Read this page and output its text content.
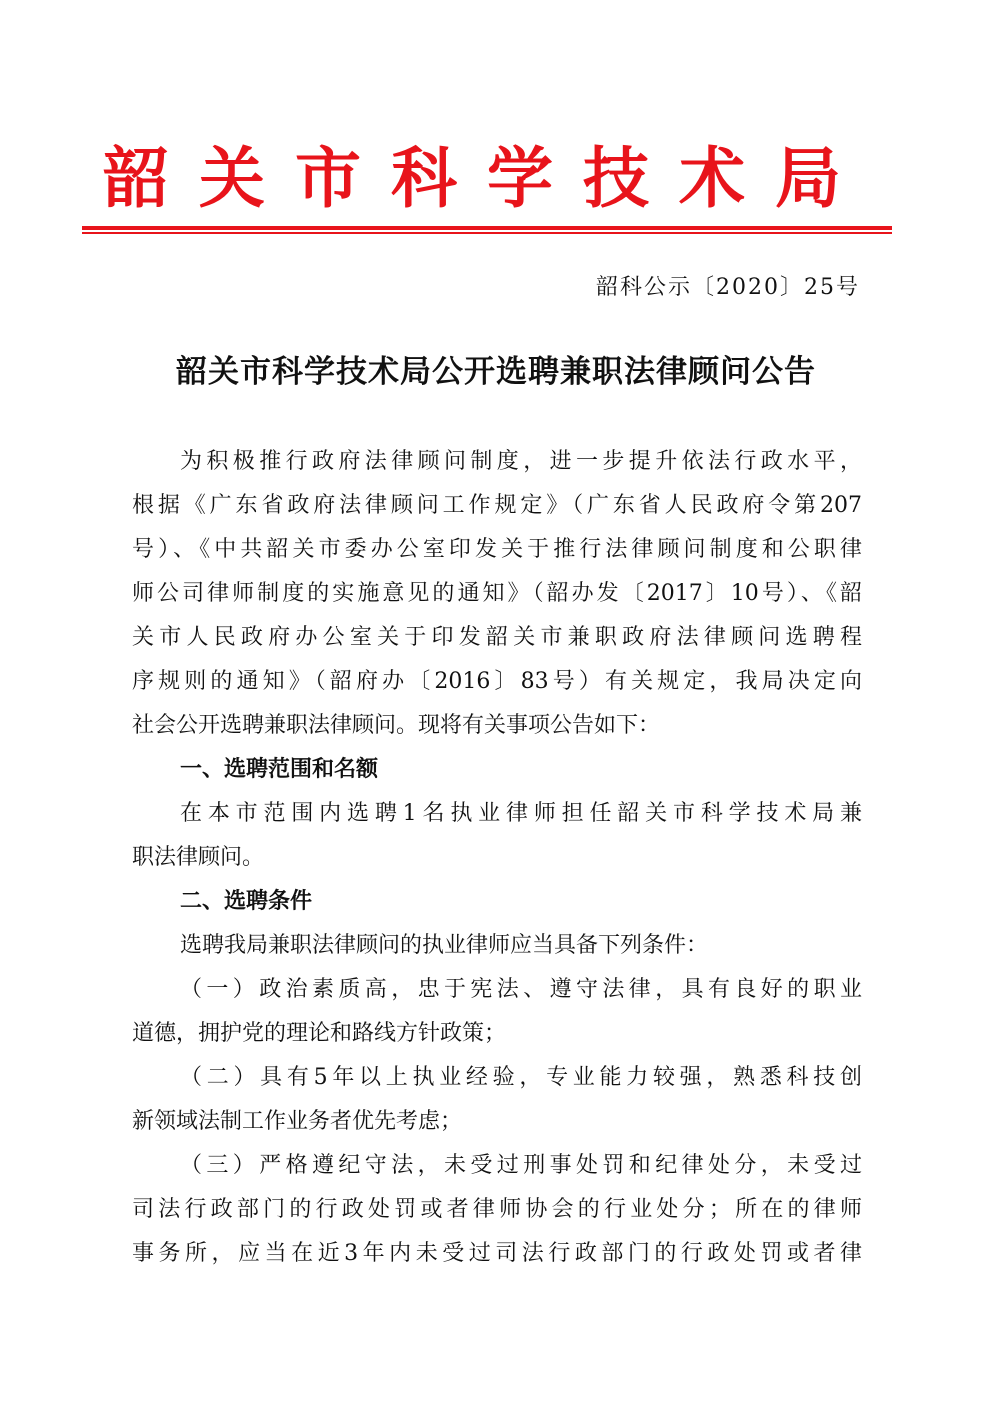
韶关市科学技术局
韶科公示〔2020〕25号
韶关市科学技术局公开选聘兼职法律顾问公告
为积极推行政府法律顾问制度，进一步提升依法行政水平，
根据《广东省政府法律顾问工作规定》（广东省人民政府令第207
号）、《中共韶关市委办公室印发关于推行法律顾问制度和公职律
师公司律师制度的实施意见的通知》（韶办发〔2017〕10号）、《韶
关市人民政府办公室关于印发韶关市兼职政府法律顾问选聘程
序规则的通知》（韶府办〔2016〕83号）有关规定，我局决定向
社会公开选聘兼职法律顾问。现将有关事项公告如下：
一、选聘范围和名额
在本市范围内选聘1名执业律师担任韶关市科学技术局兼
职法律顾问。
二、选聘条件
选聘我局兼职法律顾问的执业律师应当具备下列条件：
（一）政治素质高，忠于宪法、遵守法律，具有良好的职业
道德，拥护党的理论和路线方针政策；
（二）具有5年以上执业经验，专业能力较强，熟悉科技创
新领域法制工作业务者优先考虑；
（三）严格遵纪守法，未受过刑事处罚和纪律处分，未受过
司法行政部门的行政处罚或者律师协会的行业处分；所在的律师
事务所，应当在近3年内未受过司法行政部门的行政处罚或者律
